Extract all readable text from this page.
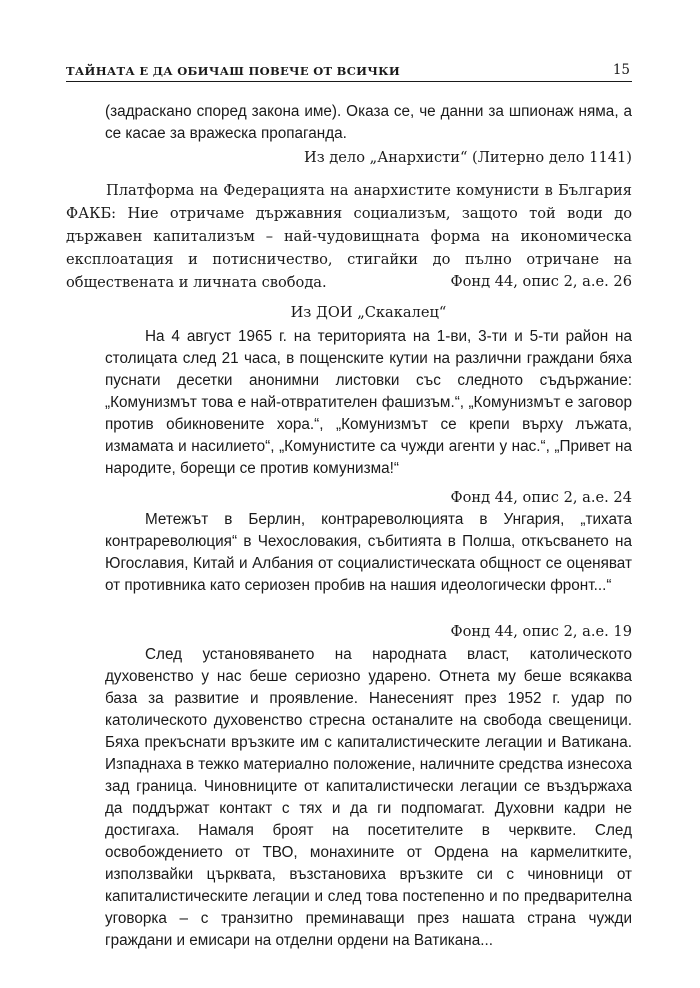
ТАЙНАТА Е ДА ОБИЧАШ ПОВЕЧЕ ОТ ВСИЧКИ	15

(задраскано според закона име). Оказа се, че данни за шпионаж няма, а се касае за вражеска пропаганда.

Из дело „Анархисти“ (Литерно дело 1141)

Платформа на Федерацията на анархистите комунисти в България ФАКБ: Ние отричаме държавния социализъм, защото той води до държавен капитализъм – най-чудовищната форма на икономическа експлоатация и потисничество, стигайки до пълно отричане на обществената и личната свобода.	Фонд 44, опис 2, а.е. 26
Из ДОИ „Скакалец“

На 4 август 1965 г. на територията на 1-ви, 3-ти и 5-ти район на столицата след 21 часа, в пощенските кутии на различни граждани бяха пуснати десетки анонимни листовки със следното съдържание: „Комунизмът това е най-отвратителен фашизъм.“, „Комунизмът е заговор против обикновените хора.“, „Комунизмът се крепи върху лъжата, измамата и насилието“, „Комунистите са чужди агенти у нас.“, „Привет на народите, борещи се против комунизма!“

Фонд 44, опис 2, а.е. 24

Метежът в Берлин, контрареволюцията в Унгария, „тихата контрареволюция“ в Чехословакия, събитията в Полша, откъсването на Югославия, Китай и Албания от социалистическата общност се оценяват от противника като сериозен пробив на нашия идеологически фронт...“

Фонд 44, опис 2, а.е. 19

След установяването на народната власт, католическото духовенство у нас беше сериозно ударено. Отнета му беше всякаква база за развитие и проявление. Нанесеният през 1952 г. удар по католическото духовенство стресна останалите на свобода свещеници. Бяха прекъснати връзките им с капиталистическите легации и Ватикана. Изпаднаха в тежко материално положение, наличните средства изнесоха зад граница. Чиновниците от капиталистически легации се въздържаха да поддържат контакт с тях и да ги подпомагат. Духовни кадри не достигаха. Намаля броят на посетителите в черквите. След освобождението от ТВО, монахините от Ордена на кармелитките, използвайки църквата, възстановиха връзките си с чиновници от капиталистическите легации и след това постепенно и по предварителна уговорка – с транзитно преминаващи през нашата страна чужди граждани и емисари на отделни ордени на Ватикана...
